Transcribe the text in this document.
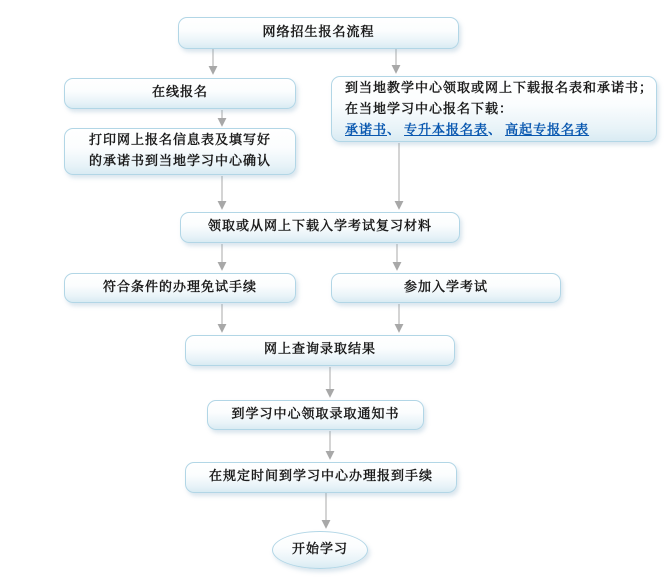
网络招生报名流程
在线报名	到当地教学中心领取或网上下载报名表和承诺书；
在当地学习中心报名下载：
承诺书、 专升本报名表、 高起专报名表
打印网上报名信息表及填写好
的承诺书到当地学习中心确认
领取或从网上下载入学考试复习材料
符合条件的办理免试手续	参加入学考试
网上查询录取结果
到学习中心领取录取通知书
在规定时间到学习中心办理报到手续
开始学习
